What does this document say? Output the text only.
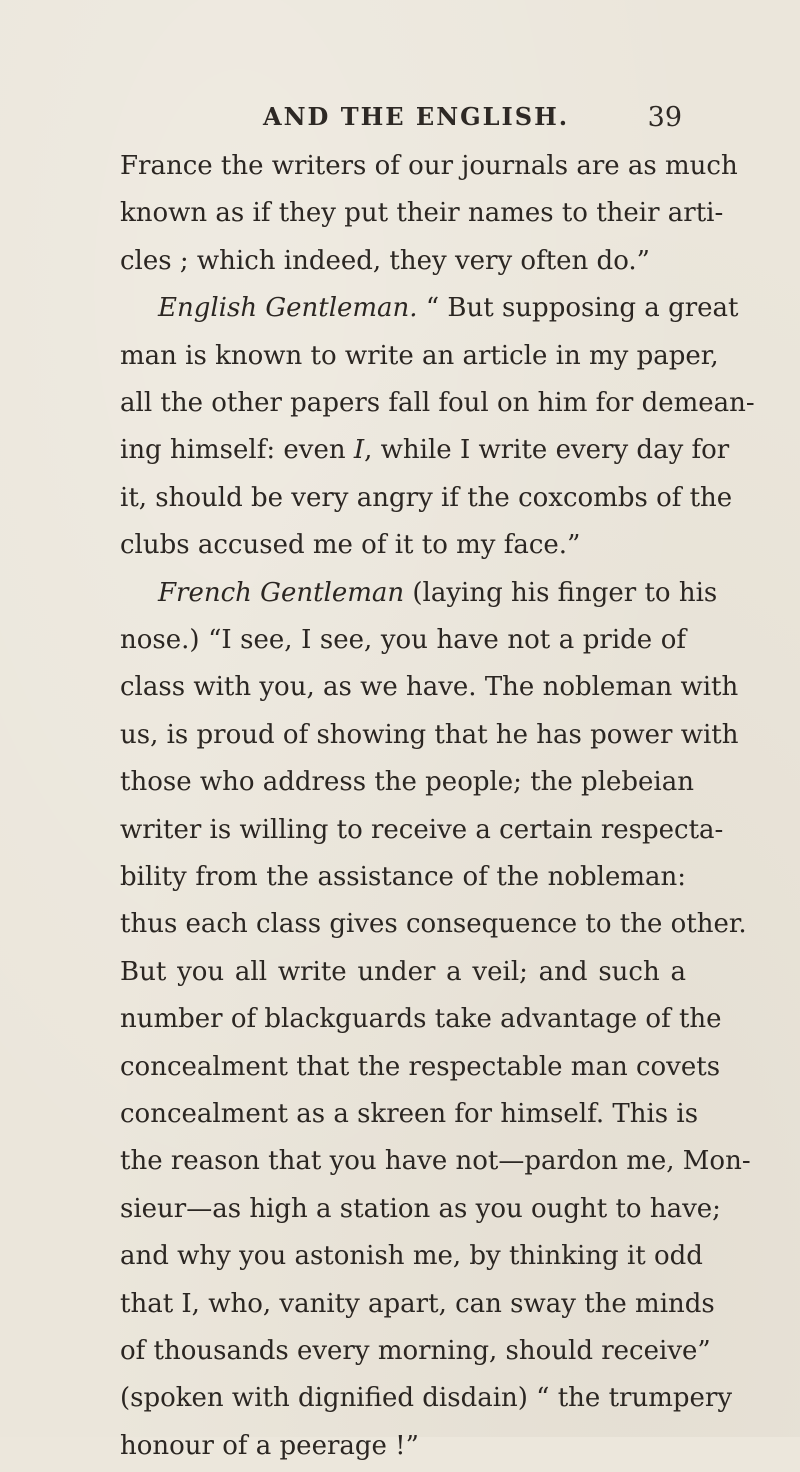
AND THE ENGLISH.	39
France the writers of our journals are as much
known as if they put their names to their arti-
cles ; which indeed, they very often do.”
English Gentleman. “ But supposing a great
man is known to write an article in my paper,
all the other papers fall foul on him for demean-
ing himself: even I, while I write every day for
it, should be very angry if the coxcombs of the
clubs accused me of it to my face.”
French Gentleman (laying his finger to his
nose.) “I see, I see, you have not a pride of
class with you, as we have. The nobleman with
us, is proud of showing that he has power with
those who address the people; the plebeian
writer is willing to receive a certain respecta-
bility from the assistance of the nobleman:
thus each class gives consequence to the other.
But you all write under a veil; and such a
number of blackguards take advantage of the
concealment that the respectable man covets
concealment as a skreen for himself. This is
the reason that you have not—pardon me, Mon-
sieur—as high a station as you ought to have;
and why you astonish me, by thinking it odd
that I, who, vanity apart, can sway the minds
of thousands every morning, should receive”
(spoken with dignified disdain) “ the trumpery
honour of a peerage !”
